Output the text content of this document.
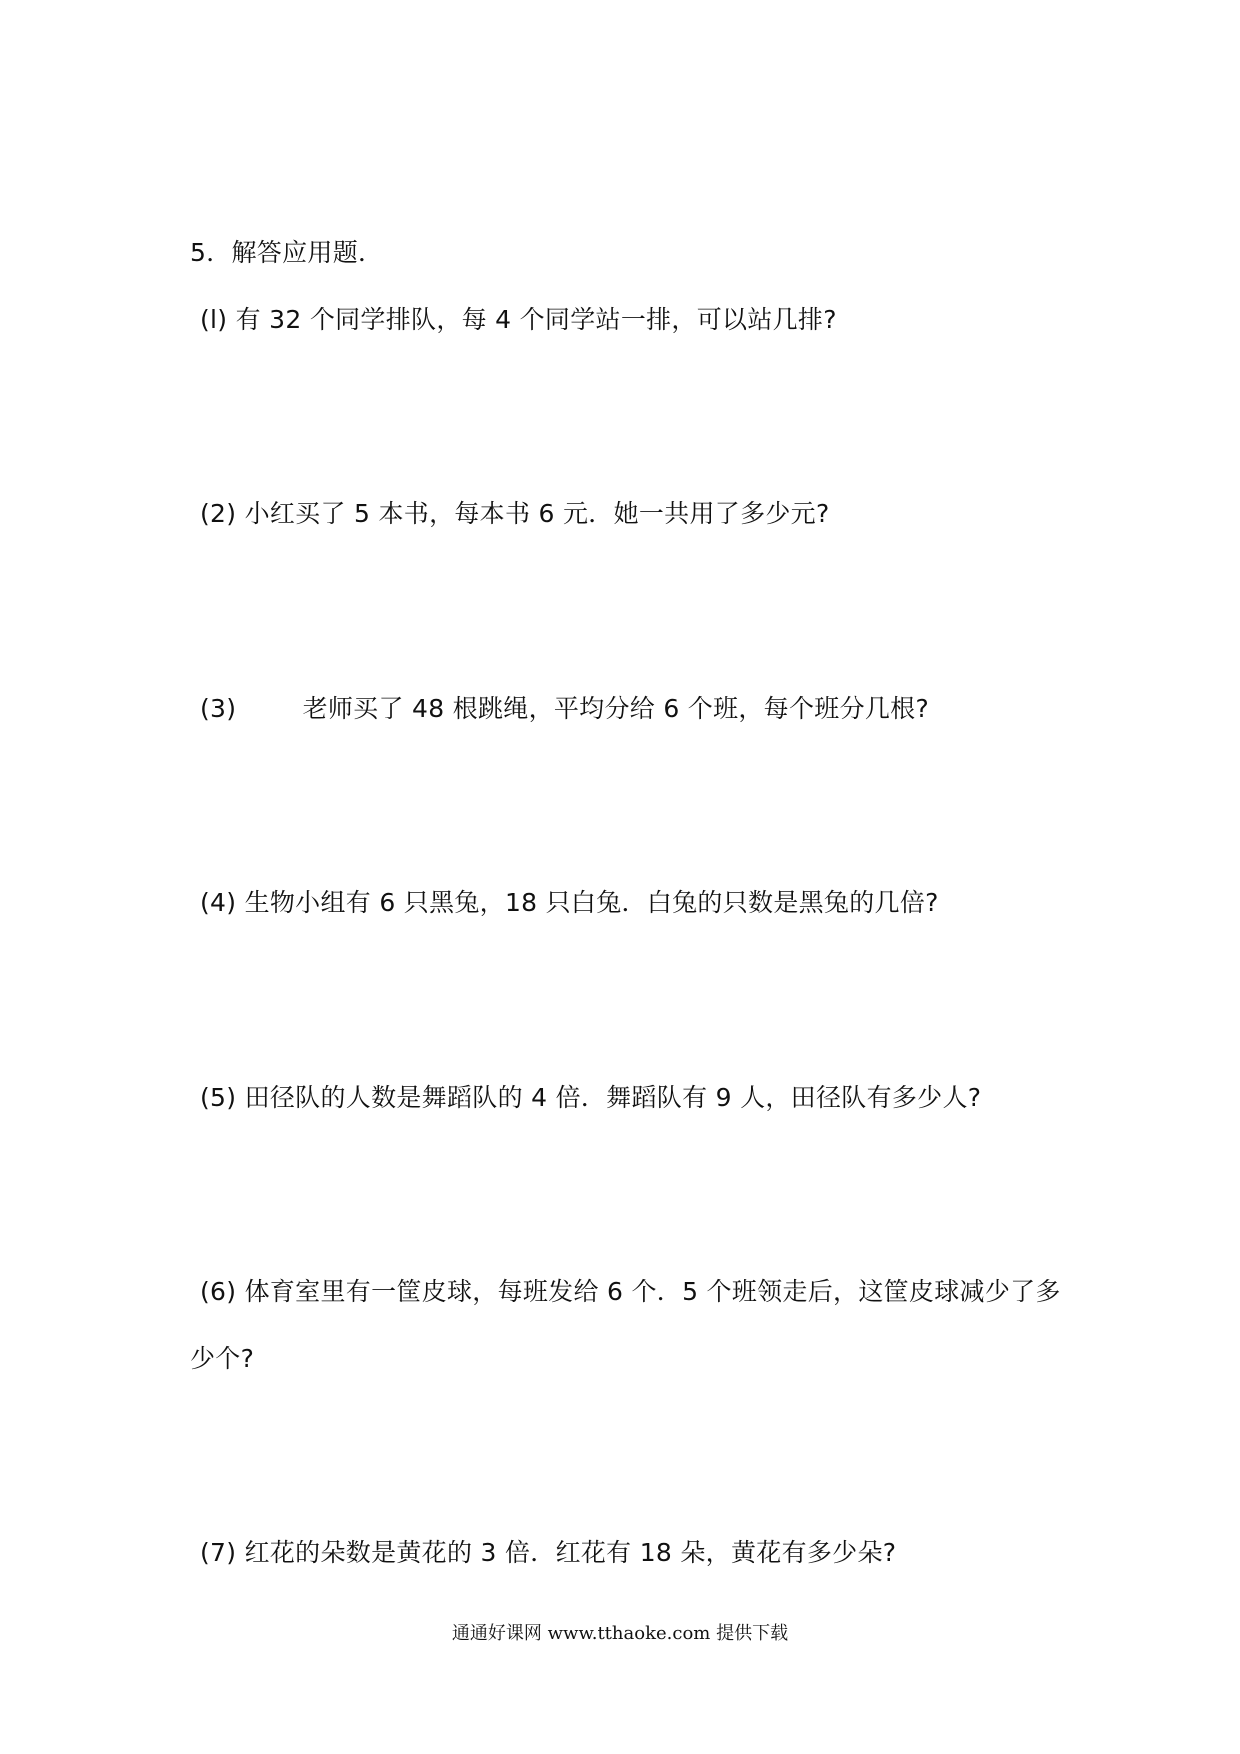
5．解答应用题．
(l) 有 32 个同学排队，每 4 个同学站一排，可以站几排?
(2) 小红买了 5 本书，每本书 6 元．她一共用了多少元?
(3)	老师买了 48 根跳绳，平均分给 6 个班，每个班分几根?
(4) 生物小组有 6 只黑兔，18 只白兔．白兔的只数是黑兔的几倍?
(5) 田径队的人数是舞蹈队的 4 倍．舞蹈队有 9 人，田径队有多少人?
(6) 体育室里有一筐皮球，每班发给 6 个．5 个班领走后，这筐皮球减少了多
少个?
(7) 红花的朵数是黄花的 3 倍．红花有 18 朵，黄花有多少朵?
通通好课网 www.tthaoke.com 提供下载
